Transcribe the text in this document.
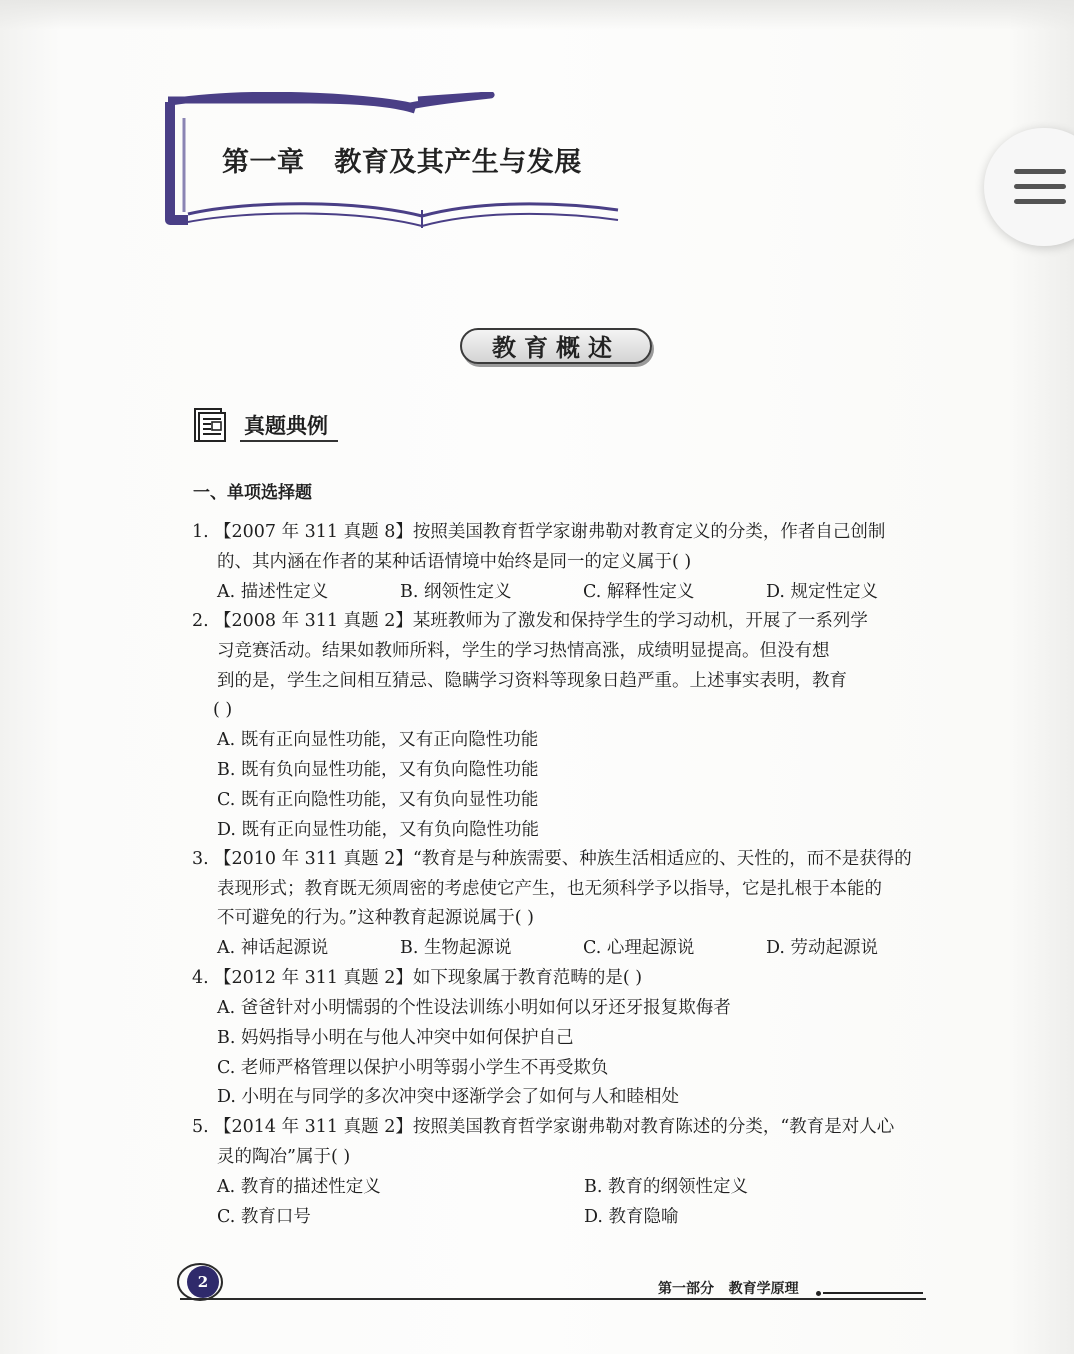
第一章   教育及其产生与发展
教育概述
真题典例
一、单项选择题
1. 【2007 年 311 真题 8】按照美国教育哲学家谢弗勒对教育定义的分类，作者自己创制
的、其内涵在作者的某种话语情境中始终是同一的定义属于( )
A. 描述性定义	B. 纲领性定义	C. 解释性定义	D. 规定性定义
2. 【2008 年 311 真题 2】某班教师为了激发和保持学生的学习动机，开展了一系列学
习竞赛活动。结果如教师所料，学生的学习热情高涨，成绩明显提高。但没有想
到的是，学生之间相互猜忌、隐瞒学习资料等现象日趋严重。上述事实表明，教育
( )
A. 既有正向显性功能，又有正向隐性功能
B. 既有负向显性功能，又有负向隐性功能
C. 既有正向隐性功能，又有负向显性功能
D. 既有正向显性功能，又有负向隐性功能
3. 【2010 年 311 真题 2】“教育是与种族需要、种族生活相适应的、天性的，而不是获得的
表现形式；教育既无须周密的考虑使它产生，也无须科学予以指导，它是扎根于本能的
不可避免的行为。”这种教育起源说属于( )
A. 神话起源说	B. 生物起源说	C. 心理起源说	D. 劳动起源说
4. 【2012 年 311 真题 2】如下现象属于教育范畴的是( )
A. 爸爸针对小明懦弱的个性设法训练小明如何以牙还牙报复欺侮者
B. 妈妈指导小明在与他人冲突中如何保护自己
C. 老师严格管理以保护小明等弱小学生不再受欺负
D. 小明在与同学的多次冲突中逐渐学会了如何与人和睦相处
5. 【2014 年 311 真题 2】按照美国教育哲学家谢弗勒对教育陈述的分类，“教育是对人心
灵的陶冶”属于( )
A. 教育的描述性定义	B. 教育的纲领性定义
C. 教育口号	D. 教育隐喻
2	第一部分   教育学原理
